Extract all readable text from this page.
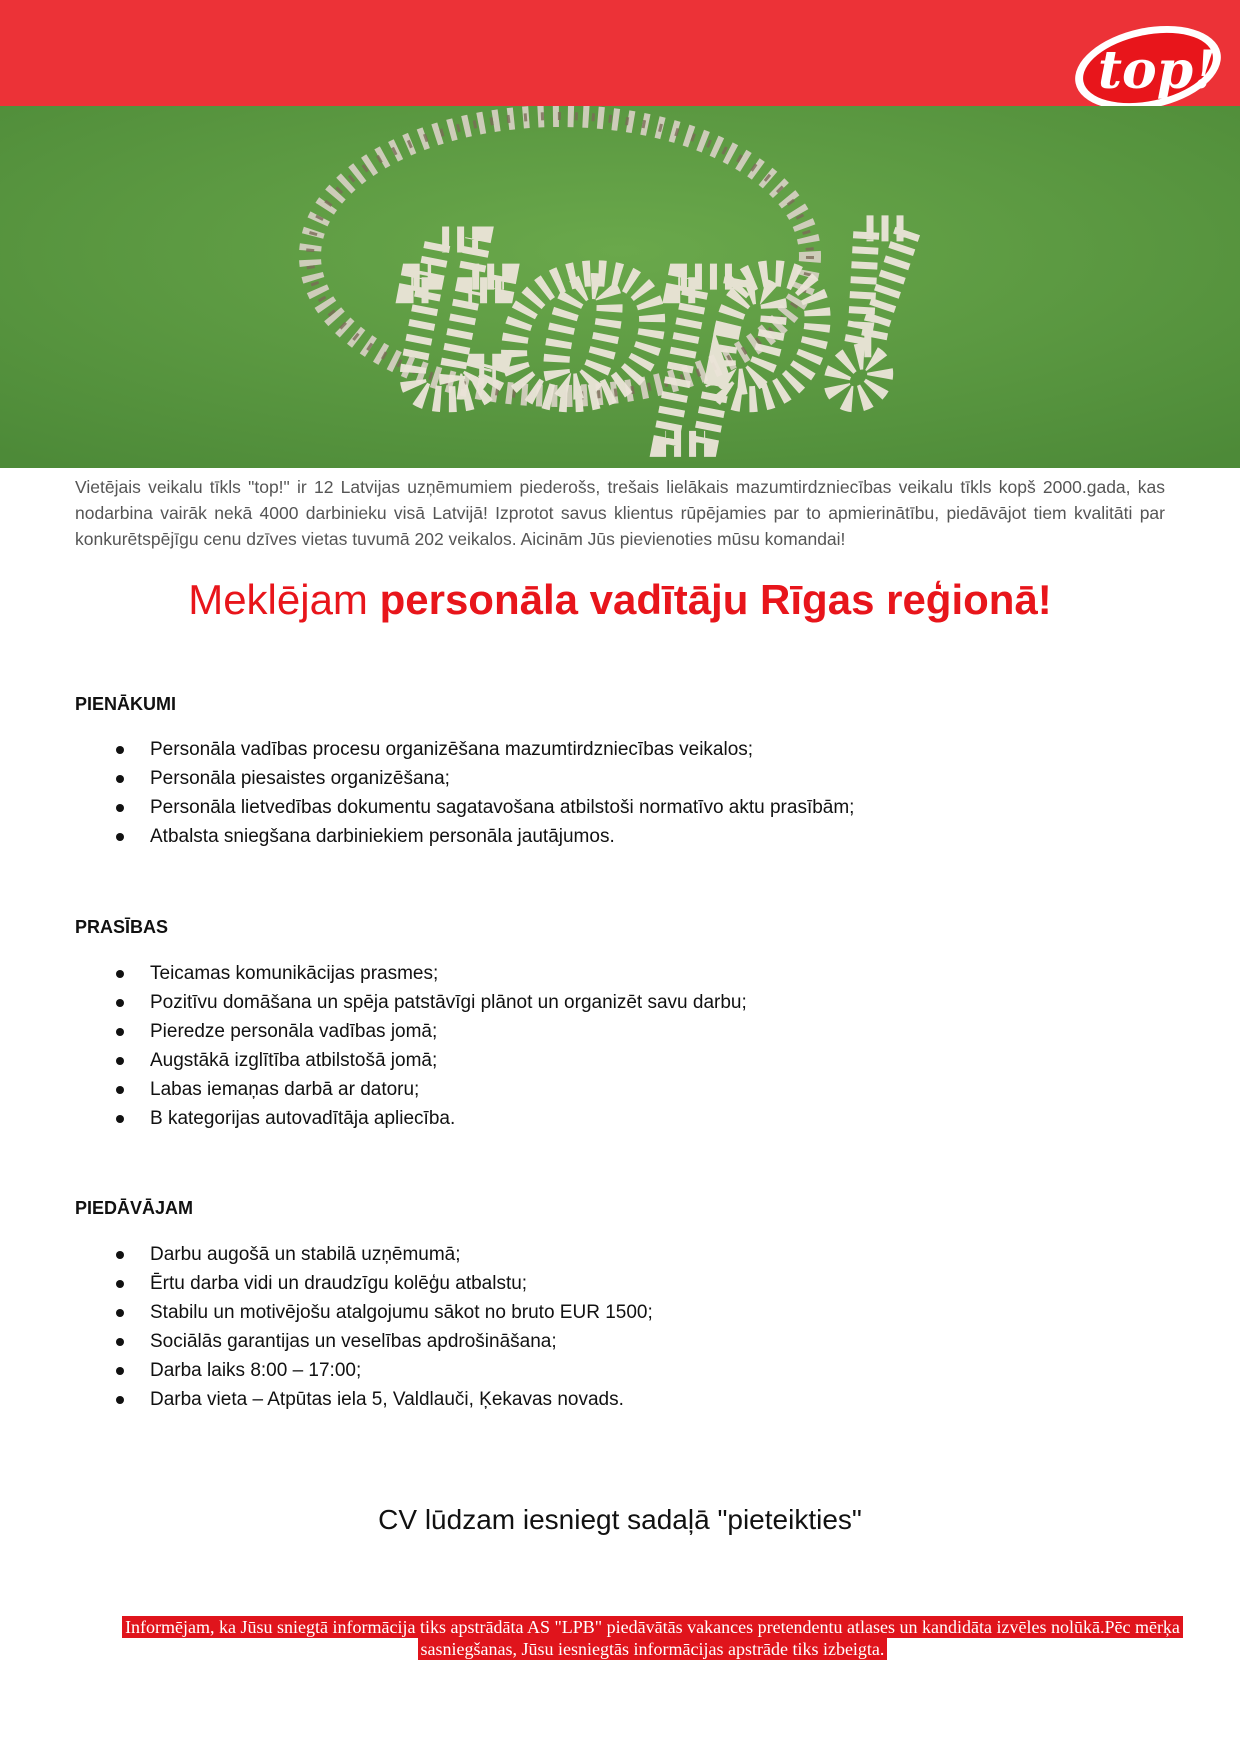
top!
top!
Vietējais veikalu tīkls "top!" ir 12 Latvijas uzņēmumiem piederošs, trešais lielākais mazumtirdzniecības veikalu tīkls kopš 2000.gada, kas nodarbina vairāk nekā 4000 darbinieku visā Latvijā! Izprotot savus klientus rūpējamies par to apmierinātību, piedāvājot tiem kvalitāti par konkurētspējīgu cenu dzīves vietas tuvumā 202 veikalos. Aicinām Jūs pievienoties mūsu komandai!
Meklējam personāla vadītāju Rīgas reģionā!
PIENĀKUMI
Personāla vadības procesu organizēšana mazumtirdzniecības veikalos;
Personāla piesaistes organizēšana;
Personāla lietvedības dokumentu sagatavošana atbilstoši normatīvo aktu prasībām;
Atbalsta sniegšana darbiniekiem personāla jautājumos.
PRASĪBAS
Teicamas komunikācijas prasmes;
Pozitīvu domāšana un spēja patstāvīgi plānot un organizēt savu darbu;
Pieredze personāla vadības jomā;
Augstākā izglītība atbilstošā jomā;
Labas iemaņas darbā ar datoru;
B kategorijas autovadītāja apliecība.
PIEDĀVĀJAM
Darbu augošā un stabilā uzņēmumā;
Ērtu darba vidi un draudzīgu kolēģu atbalstu;
Stabilu un motivējošu atalgojumu sākot no bruto EUR 1500;
Sociālās garantijas un veselības apdrošināšana;
Darba laiks 8:00 – 17:00;
Darba vieta – Atpūtas iela 5, Valdlauči, Ķekavas novads.
CV lūdzam iesniegt sadaļā "pieteikties"
Informējam, ka Jūsu sniegtā informācija tiks apstrādāta AS "LPB" piedāvātās vakances pretendentu atlases un kandidāta izvēles nolūkā.Pēc mērķa sasniegšanas, Jūsu iesniegtās informācijas apstrāde tiks izbeigta.
